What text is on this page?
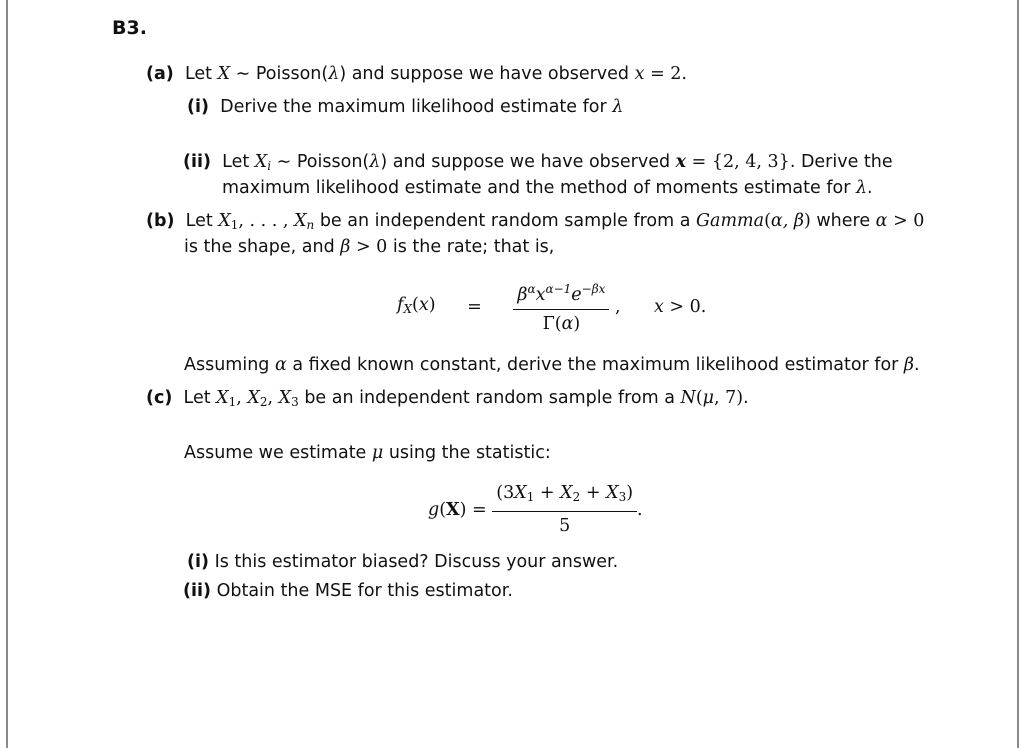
B3.
(a)  Let X ∼ Poisson(λ) and suppose we have observed x = 2.
(i)  Derive the maximum likelihood estimate for λ
(ii)  Let $X_i$ ∼ Poisson(λ) and suppose we have observed x = {2, 4, 3}. Derive the
maximum likelihood estimate and the method of moments estimate for λ.
(b)  Let $X_1$, . . . , $X_n$ be an independent random sample from a Gamma(α, β) where α > 0
is the shape, and β > 0 is the rate; that is,
$f_X(x) = \frac{\beta^\alpha x^{\alpha-1}e^{-\beta x}}{\Gamma(\alpha)}$ , x > 0.
Assuming α a fixed known constant, derive the maximum likelihood estimator for β.
(c)  Let $X_1$, $X_2$, $X_3$ be an independent random sample from a N(μ, 7).
Assume we estimate μ using the statistic:
$g(X) = \frac{(3X_1 + X_2 + X_3)}{5}$ .
(i) Is this estimator biased? Discuss your answer.
(ii) Obtain the MSE for this estimator.
